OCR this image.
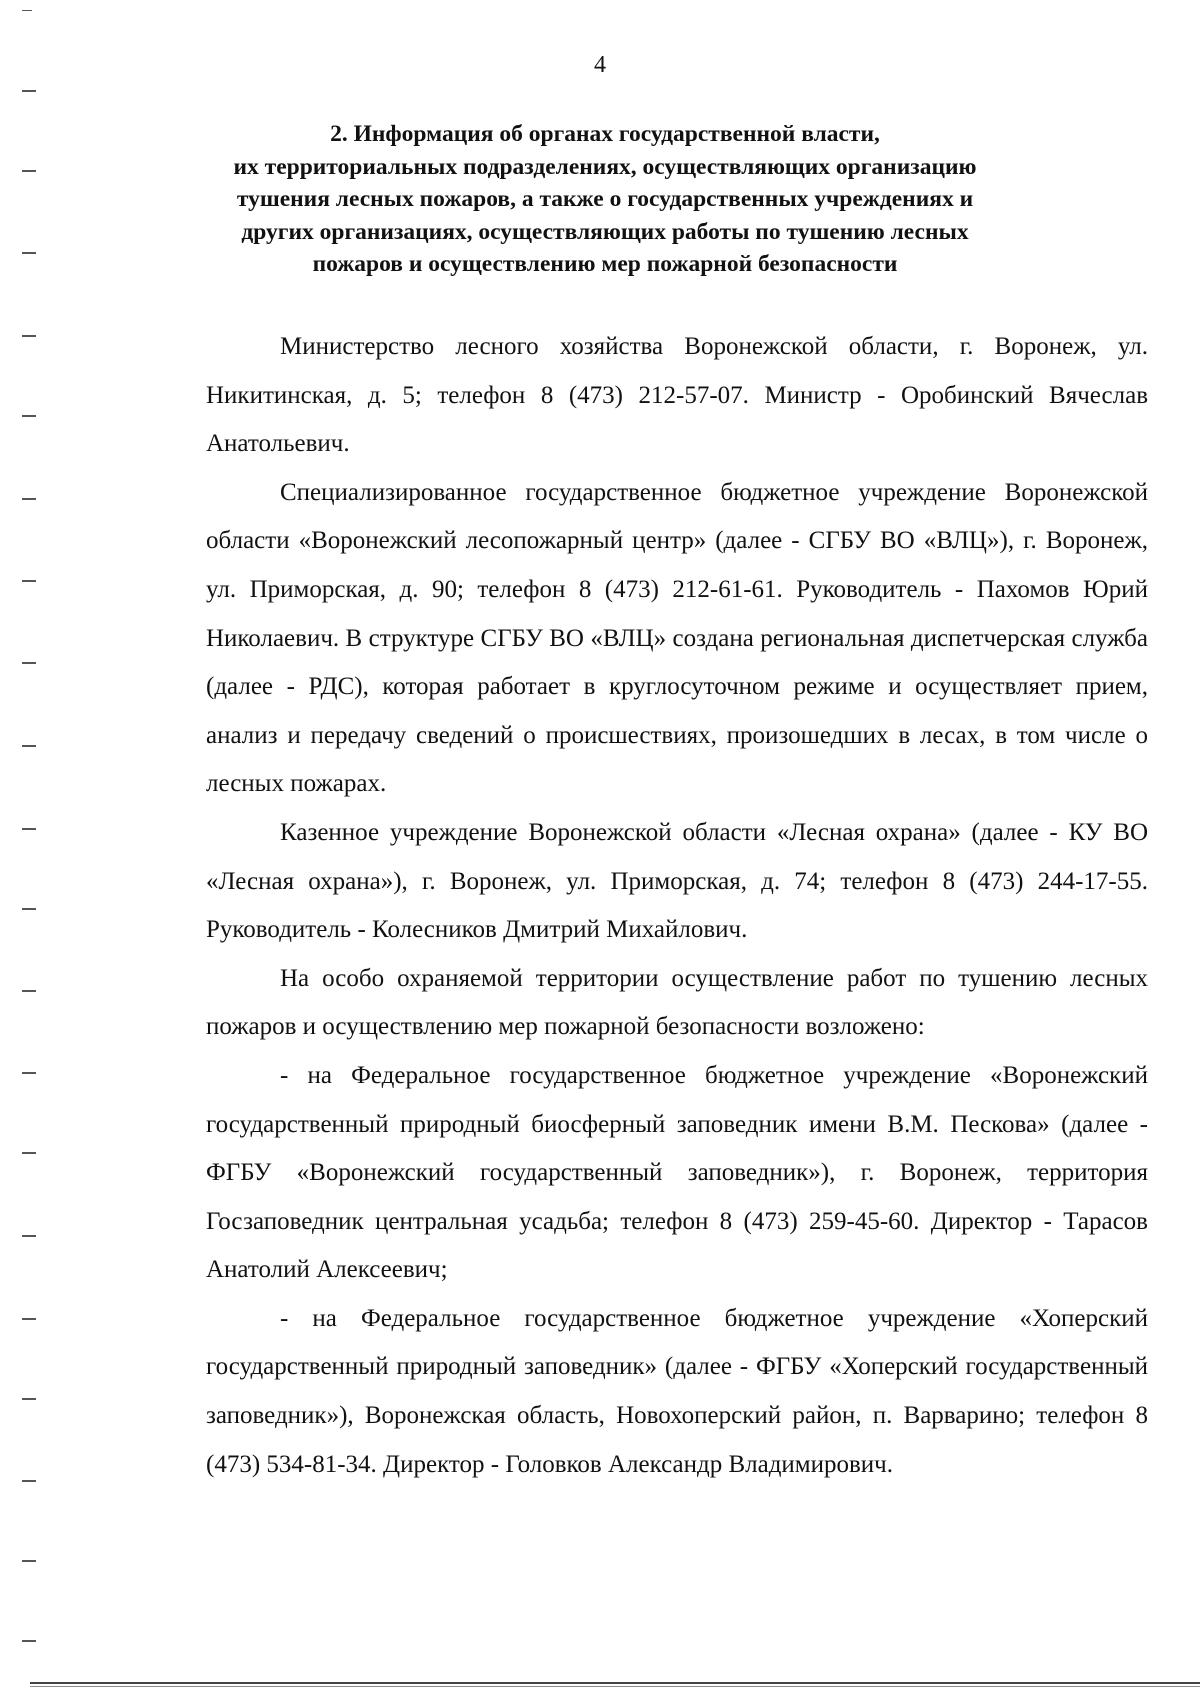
4
2. Информация об органах государственной власти,
их территориальных подразделениях, осуществляющих организацию
тушения лесных пожаров, а также о государственных учреждениях и
других организациях, осуществляющих работы по тушению лесных
пожаров и осуществлению мер пожарной безопасности

Министерство лесного хозяйства Воронежской области, г. Воронеж, ул. Никитинская, д. 5; телефон 8 (473) 212-57-07. Министр - Оробинский Вячеслав Анатольевич.

Специализированное государственное бюджетное учреждение Воронежской области «Воронежский лесопожарный центр» (далее - СГБУ ВО «ВЛЦ»), г. Воронеж, ул. Приморская, д. 90; телефон 8 (473) 212-61-61. Руководитель - Пахомов Юрий Николаевич. В структуре СГБУ ВО «ВЛЦ» создана региональная диспетчерская служба (далее - РДС), которая работает в круглосуточном режиме и осуществляет прием, анализ и передачу сведений о происшествиях, произошедших в лесах, в том числе о лесных пожарах.

Казенное учреждение Воронежской области «Лесная охрана» (далее - КУ ВО «Лесная охрана»), г. Воронеж, ул. Приморская, д. 74; телефон 8 (473) 244-17-55. Руководитель - Колесников Дмитрий Михайлович.

На особо охраняемой территории осуществление работ по тушению лесных пожаров и осуществлению мер пожарной безопасности возложено:

- на Федеральное государственное бюджетное учреждение «Воронежский государственный природный биосферный заповедник имени В.М. Пескова» (далее - ФГБУ «Воронежский государственный заповедник»), г. Воронеж, территория Госзаповедник центральная усадьба; телефон 8 (473) 259-45-60. Директор - Тарасов Анатолий Алексеевич;

- на Федеральное государственное бюджетное учреждение «Хоперский государственный природный заповедник» (далее - ФГБУ «Хоперский государственный заповедник»), Воронежская область, Новохоперский район, п. Варварино; телефон 8 (473) 534-81-34. Директор - Головков Александр Владимирович.
